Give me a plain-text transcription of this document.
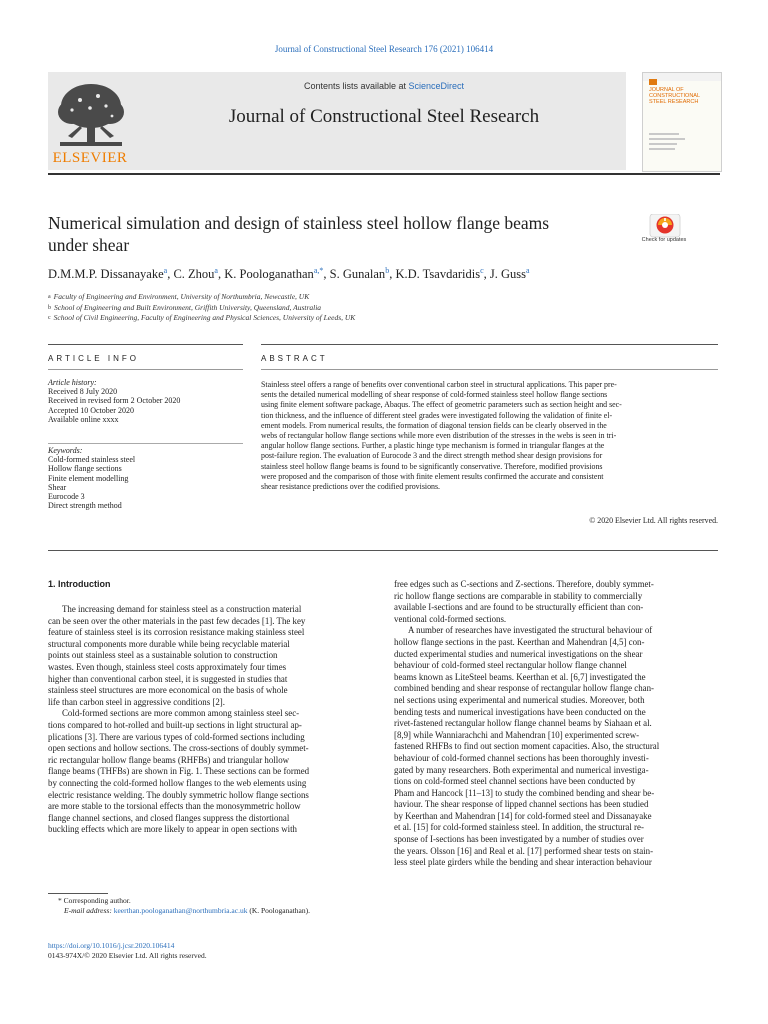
Journal of Constructional Steel Research 176 (2021) 106414
ELSEVIER
Contents lists available at ScienceDirect
Journal of Constructional Steel Research
JOURNAL OF CONSTRUCTIONAL STEEL RESEARCH
Numerical simulation and design of stainless steel hollow flange beams
under shear	Check for updates
D.M.M.P. Dissanayake$^a$, C. Zhou$^a$, K. Poologanathan$^{a,*}$, S. Gunalan$^b$, K.D. Tsavdaridis$^c$, J. Guss$^a$
$^a$ Faculty of Engineering and Environment, University of Northumbria, Newcastle, UK
$^b$ School of Engineering and Built Environment, Griffith University, Queensland, Australia
$^c$ School of Civil Engineering, Faculty of Engineering and Physical Sciences, University of Leeds, UK
ARTICLE INFO	ABSTRACT
Article history:
Received 8 July 2020
Received in revised form 2 October 2020
Accepted 10 October 2020
Available online xxxx
Keywords:
Cold-formed stainless steel
Hollow flange sections
Finite element modelling
Shear
Eurocode 3
Direct strength method
Stainless steel offers a range of benefits over conventional carbon steel in structural applications. This paper pre-
sents the detailed numerical modelling of shear response of cold-formed stainless steel hollow flange sections
using finite element software package, Abaqus. The effect of geometric parameters such as section height and sec-
tion thickness, and the influence of different steel grades were investigated following the validation of finite el-
ement models. From numerical results, the formation of diagonal tension fields can be clearly observed in the
webs of rectangular hollow flange sections while more even distribution of the stresses in the webs is seen in tri-
angular hollow flange sections. Further, a plastic hinge type mechanism is formed in triangular flanges at the
post-failure region. The evaluation of Eurocode 3 and the direct strength method shear design provisions for
stainless steel hollow flange beams is found to be significantly conservative. Therefore, modified provisions
were proposed and the comparison of those with finite element results confirmed the accurate and consistent
shear resistance predictions over the codified provisions.
© 2020 Elsevier Ltd. All rights reserved.
1. Introduction
The increasing demand for stainless steel as a construction material
can be seen over the other materials in the past few decades [1]. The key
feature of stainless steel is its corrosion resistance making stainless steel
structural components more durable while being recyclable material
points out stainless steel as a sustainable solution to construction
wastes. Even though, stainless steel costs approximately four times
higher than conventional carbon steel, it is suggested in studies that
stainless steel structures are more economical on the basis of whole
life than carbon steel in aggressive conditions [2].
Cold-formed sections are more common among stainless steel sec-
tions compared to hot-rolled and built-up sections in light structural ap-
plications [3]. There are various types of cold-formed sections including
open sections and hollow sections. The cross-sections of doubly symmet-
ric rectangular hollow flange beams (RHFBs) and triangular hollow
flange beams (THFBs) are shown in Fig. 1. These sections can be formed
by connecting the cold-formed hollow flanges to the web elements using
electric resistance welding. The doubly symmetric hollow flange sections
are more stable to the torsional effects than the monosymmetric hollow
flange channel sections, and closed flanges suppress the distortional
buckling effects which are more likely to appear in open sections with
free edges such as C-sections and Z-sections. Therefore, doubly symmet-
ric hollow flange sections are comparable in stability to commercially
available I-sections and are found to be structurally efficient than con-
ventional cold-formed sections.
A number of researches have investigated the structural behaviour of
hollow flange sections in the past. Keerthan and Mahendran [4,5] con-
ducted experimental studies and numerical investigations on the shear
behaviour of cold-formed steel rectangular hollow flange channel
beams known as LiteSteel beams. Keerthan et al. [6,7] investigated the
combined bending and shear response of rectangular hollow flange chan-
nel sections using experimental and numerical studies. Moreover, both
bending tests and numerical investigations have been conducted on the
rivet-fastened rectangular hollow flange channel beams by Siahaan et al.
[8,9] while Wanniarachchi and Mahendran [10] experimented screw-
fastened RHFBs to find out section moment capacities. Also, the structural
behaviour of cold-formed channel sections has been thoroughly investi-
gated by many researchers. Both experimental and numerical investiga-
tions on cold-formed steel channel sections have been conducted by
Pham and Hancock [11–13] to study the combined bending and shear be-
haviour. The shear response of lipped channel sections has been studied
by Keerthan and Mahendran [14] for cold-formed steel and Dissanayake
et al. [15] for cold-formed stainless steel. In addition, the structural re-
sponse of I-sections has been investigated by a number of studies over
the years. Olsson [16] and Real et al. [17] performed shear tests on stain-
less steel plate girders while the bending and shear interaction behaviour
* Corresponding author.
E-mail address: keerthan.poologanathan@northumbria.ac.uk (K. Poologanathan).
https://doi.org/10.1016/j.jcsr.2020.106414
0143-974X/© 2020 Elsevier Ltd. All rights reserved.
